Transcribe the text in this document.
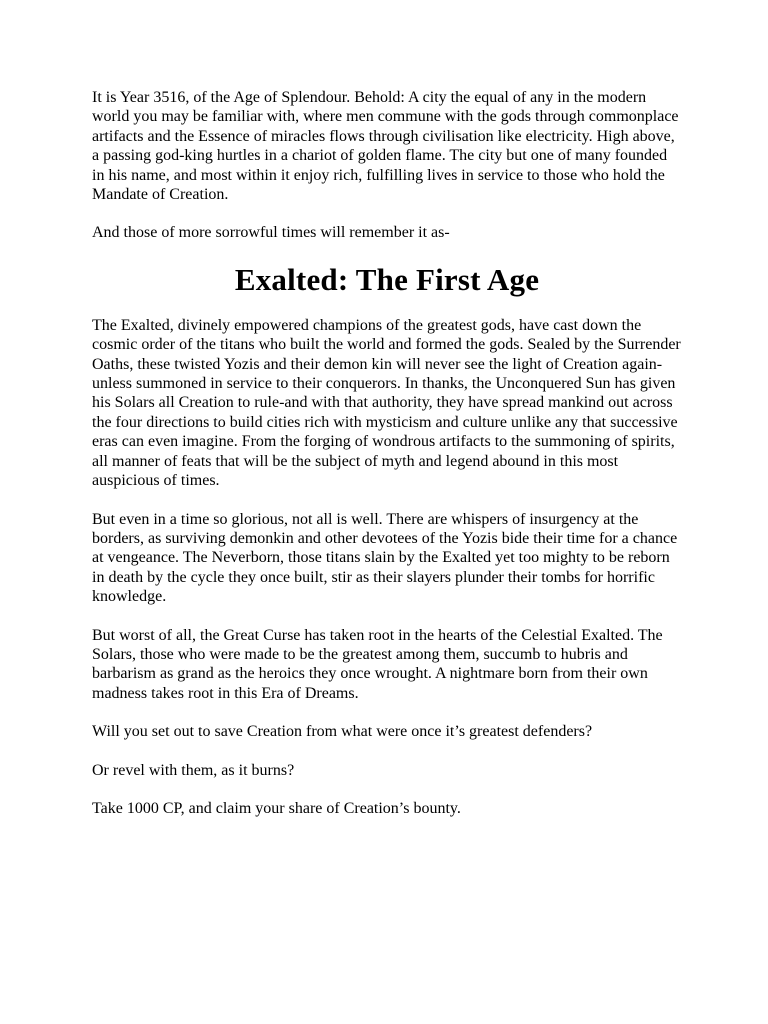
It is Year 3516, of the Age of Splendour. Behold: A city the equal of any in the modern world you may be familiar with, where men commune with the gods through commonplace artifacts and the Essence of miracles flows through civilisation like electricity. High above, a passing god-king hurtles in a chariot of golden flame. The city but one of many founded in his name, and most within it enjoy rich, fulfilling lives in service to those who hold the Mandate of Creation.

And those of more sorrowful times will remember it as-

Exalted: The First Age

The Exalted, divinely empowered champions of the greatest gods, have cast down the cosmic order of the titans who built the world and formed the gods. Sealed by the Surrender Oaths, these twisted Yozis and their demon kin will never see the light of Creation again-unless summoned in service to their conquerors. In thanks, the Unconquered Sun has given his Solars all Creation to rule-and with that authority, they have spread mankind out across the four directions to build cities rich with mysticism and culture unlike any that successive eras can even imagine. From the forging of wondrous artifacts to the summoning of spirits, all manner of feats that will be the subject of myth and legend abound in this most auspicious of times.

But even in a time so glorious, not all is well. There are whispers of insurgency at the borders, as surviving demonkin and other devotees of the Yozis bide their time for a chance at vengeance. The Neverborn, those titans slain by the Exalted yet too mighty to be reborn in death by the cycle they once built, stir as their slayers plunder their tombs for horrific knowledge.

But worst of all, the Great Curse has taken root in the hearts of the Celestial Exalted. The Solars, those who were made to be the greatest among them, succumb to hubris and barbarism as grand as the heroics they once wrought. A nightmare born from their own madness takes root in this Era of Dreams.

Will you set out to save Creation from what were once it’s greatest defenders?

Or revel with them, as it burns?

Take 1000 CP, and claim your share of Creation’s bounty.
